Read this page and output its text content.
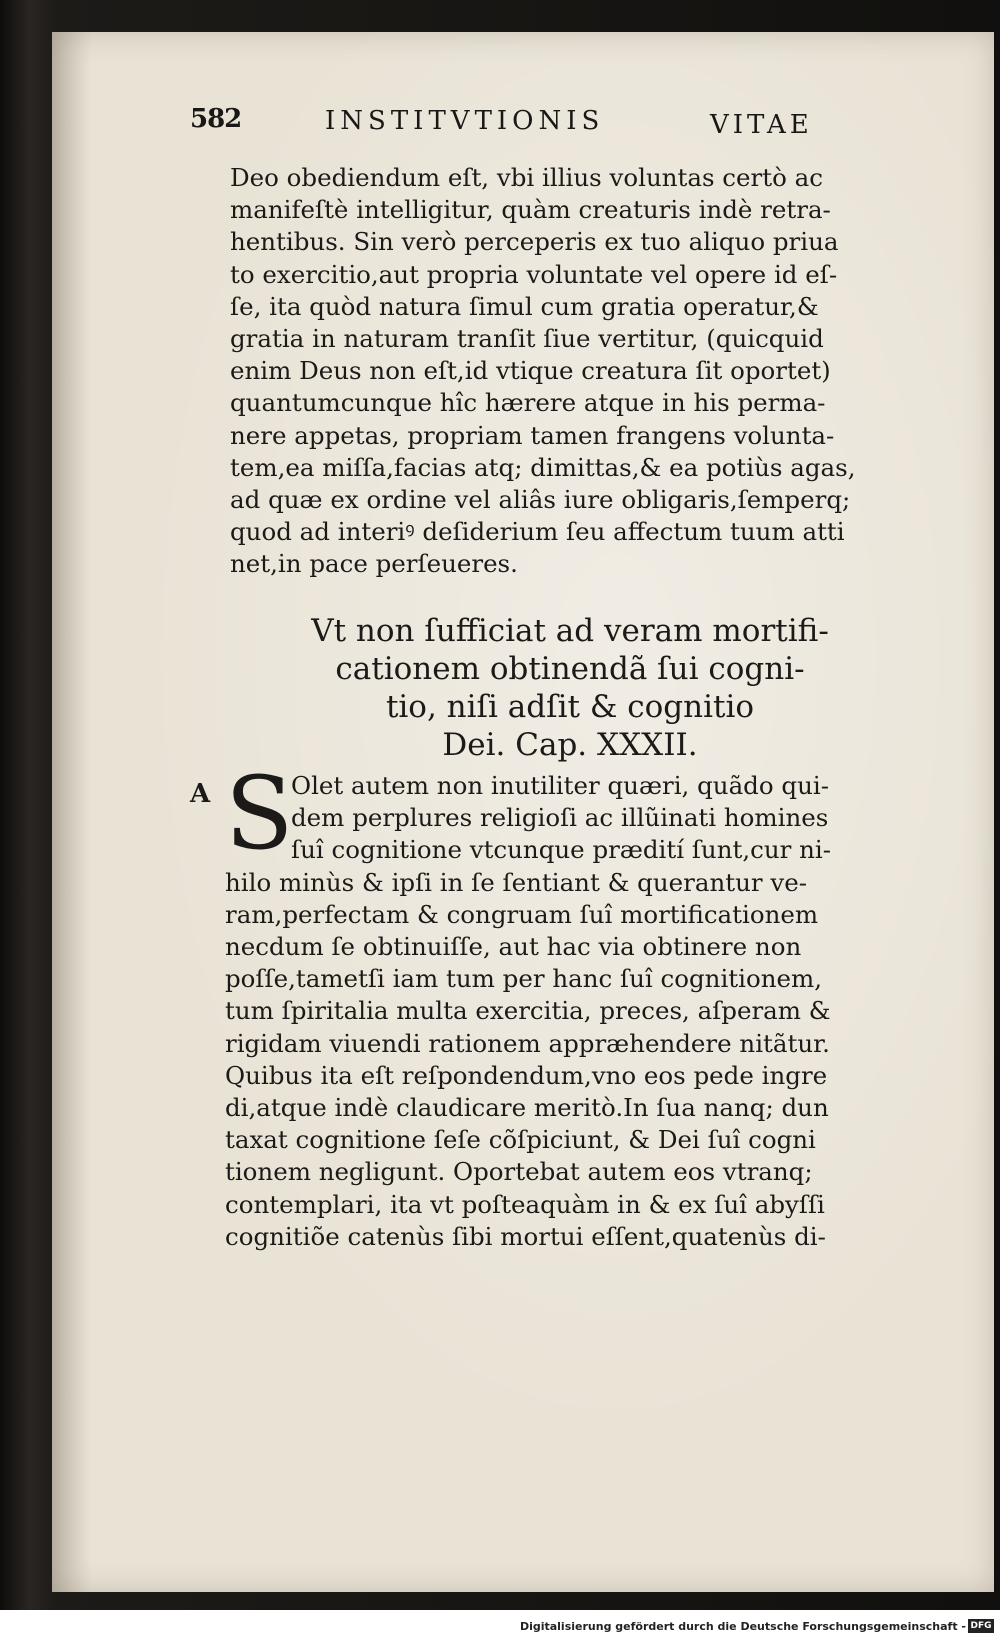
582	INSTITVTIONIS	VITAE
Deo obediendum eſt, vbi illius voluntas certò ac
manifeſtè intelligitur, quàm creaturis indè retra-
hentibus. Sin verò perceperis ex tuo aliquo priua
to exercitio,aut propria voluntate vel opere id eſ-
ſe, ita quòd natura ſimul cum gratia operatur,&
gratia in naturam tranſit ſiue vertitur, (quicquid
enim Deus non eſt,id vtique creatura ſit oportet)
quantumcunque hîc hærere atque in his perma-
nere appetas, propriam tamen frangens volunta-
tem,ea miſſa,facias atq; dimittas,& ea potiùs agas,
ad quæ ex ordine vel aliâs iure obligaris,ſemperq;
quod ad interiꝰ deſiderium ſeu affectum tuum atti
net,in pace perſeueres.
Vt non ſufficiat ad veram mortifi-
cationem obtinendã ſui cogni-
tio, niſi adſit & cognitio
Dei. Cap. XXXII.
A S
Olet autem non inutiliter quæri, quãdo qui-
dem perplures religioſi ac illũinati homines
ſuî cognitione vtcunque prædití ſunt,cur ni-
hilo minùs & ipſi in ſe ſentiant & querantur ve-
ram,perfectam & congruam ſuî mortificationem
necdum ſe obtinuiſſe, aut hac via obtinere non
poſſe,tametſi iam tum per hanc ſuî cognitionem,
tum ſpiritalia multa exercitia, preces, aſperam &
rigidam viuendi rationem appræhendere nitãtur.
Quibus ita eſt reſpondendum,vno eos pede ingre
di,atque indè claudicare meritò.In ſua nanq; dun
taxat cognitione ſeſe cõſpiciunt, & Dei ſuî cogni
tionem negligunt. Oportebat autem eos vtranq;
contemplari, ita vt poſteaquàm in & ex ſuî abyſſi
cognitiõe catenùs ſibi mortui eſſent,quatenùs di-
Digitalisierung gefördert durch die Deutsche Forschungsgemeinschaft - DFG
